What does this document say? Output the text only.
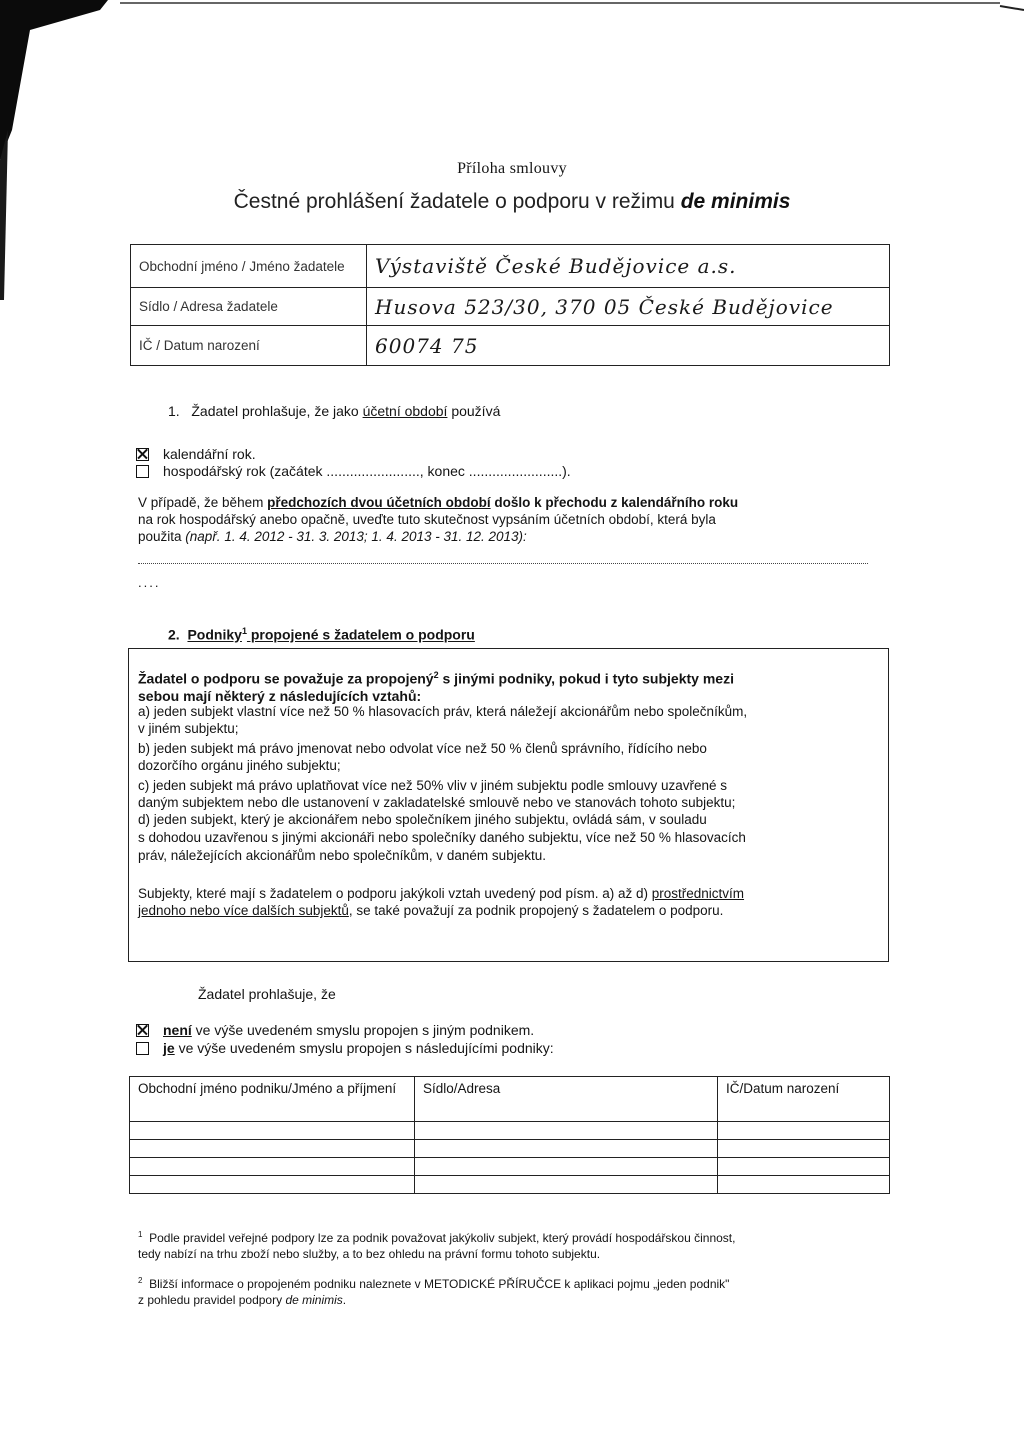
Příloha smlouvy
Čestné prohlášení žadatele o podporu v režimu de minimis
Obchodní jméno / Jméno žadatele	Výstaviště České Budějovice a.s.
Sídlo / Adresa žadatele	Husova 523/30, 370 05 České Budějovice
IČ / Datum narození	60074 75
1. Žadatel prohlašuje, že jako účetní období používá
kalendářní rok.
hospodářský rok (začátek ........................, konec ........................).
V případě, že během předchozích dvou účetních období došlo k přechodu z kalendářního roku
na rok hospodářský anebo opačně, uveďte tuto skutečnost vypsáním účetních období, která byla
použita (např. 1. 4. 2012 - 31. 3. 2013; 1. 4. 2013 - 31. 12. 2013):
....
2. Podniky$^1$ propojené s žadatelem o podporu
Žadatel o podporu se považuje za propojený$^2$ s jinými podniky, pokud i tyto subjekty mezi
sebou mají některý z následujících vztahů:
a) jeden subjekt vlastní více než 50 % hlasovacích práv, která náležejí akcionářům nebo společníkům,
v jiném subjektu;
b) jeden subjekt má právo jmenovat nebo odvolat více než 50 % členů správního, řídícího nebo
dozorčího orgánu jiného subjektu;
c) jeden subjekt má právo uplatňovat více než 50% vliv v jiném subjektu podle smlouvy uzavřené s
daným subjektem nebo dle ustanovení v zakladatelské smlouvě nebo ve stanovách tohoto subjektu;
d) jeden subjekt, který je akcionářem nebo společníkem jiného subjektu, ovládá sám, v souladu
s dohodou uzavřenou s jinými akcionáři nebo společníky daného subjektu, více než 50 % hlasovacích
práv, náležejících akcionářům nebo společníkům, v daném subjektu.
Subjekty, které mají s žadatelem o podporu jakýkoli vztah uvedený pod písm. a) až d) prostřednictvím
jednoho nebo více dalších subjektů, se také považují za podnik propojený s žadatelem o podporu.
Žadatel prohlašuje, že
není ve výše uvedeném smyslu propojen s jiným podnikem.
je ve výše uvedeném smyslu propojen s následujícími podniky:
Obchodní jméno podniku/Jméno a příjmení	Sídlo/Adresa	IČ/Datum narození

$^1$ Podle pravidel veřejné podpory lze za podnik považovat jakýkoliv subjekt, který provádí hospodářskou činnost,
tedy nabízí na trhu zboží nebo služby, a to bez ohledu na právní formu tohoto subjektu.
$^2$ Bližší informace o propojeném podniku naleznete v METODICKÉ PŘÍRUČCE k aplikaci pojmu „jeden podnik"
z pohledu pravidel podpory de minimis.
